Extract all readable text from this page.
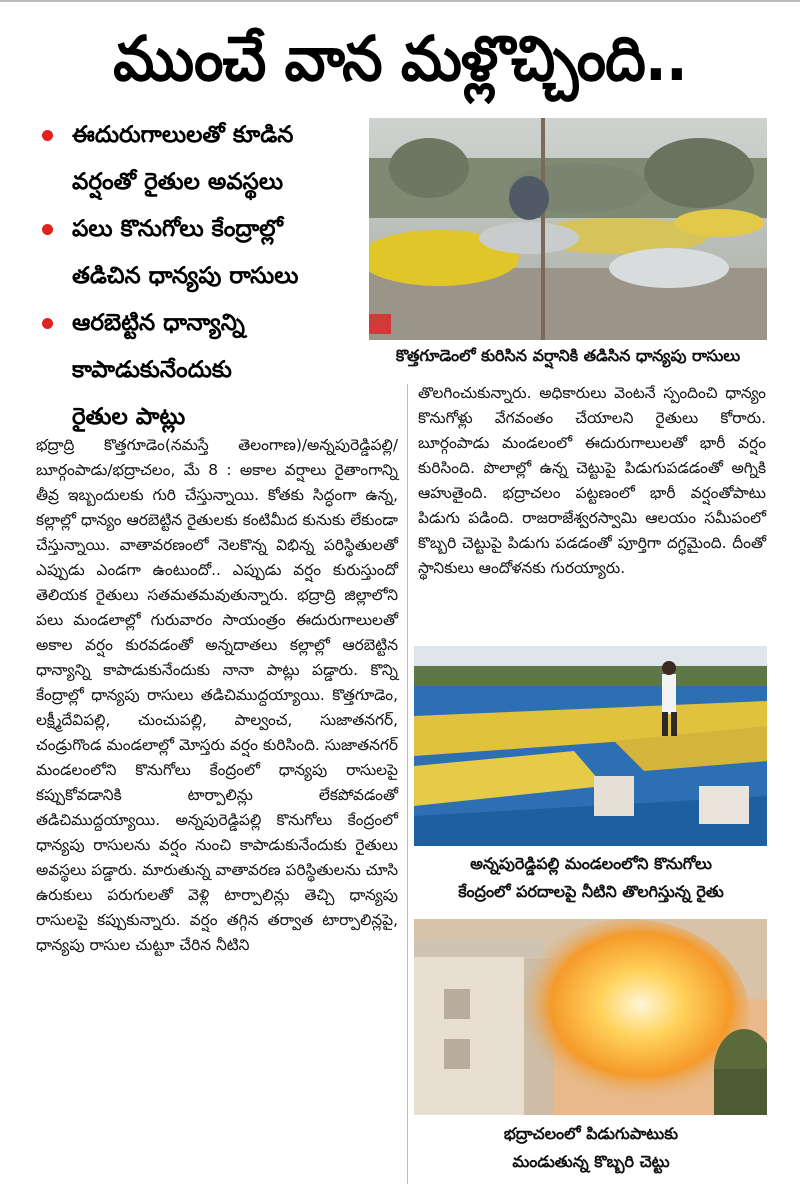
ముంచే వాన మళ్లొచ్చింది..
ఈదురుగాలులతో కూడిన
వర్షంతో రైతుల అవస్థలు
పలు కొనుగోలు కేంద్రాల్లో
తడిచిన ధాన్యపు రాసులు
ఆరబెట్టిన ధాన్యాన్ని
కాపాడుకునేందుకు
రైతుల పాట్లు
కొత్తగూడెంలో కురిసిన వర్షానికి తడిసిన ధాన్యపు రాసులు
భద్రాద్రి కొత్తగూడెం(నమస్తే తెలంగాణ)/అన్నపురెడ్డిపల్లి/ బూర్గంపాడు/భద్రాచలం, మే 8 : అకాల వర్షాలు రైతాంగాన్ని తీవ్ర ఇబ్బందులకు గురి చేస్తున్నాయి. కోతకు సిద్ధంగా ఉన్న, కల్లాల్లో ధాన్యం ఆరబెట్టిన రైతులకు కంటిమీద కునుకు లేకుండా చేస్తున్నాయి. వాతావరణంలో నెలకొన్న విభిన్న పరిస్థితులతో ఎప్పుడు ఎండగా ఉంటుందో.. ఎప్పుడు వర్షం కురుస్తుందో తెలియక రైతులు సతమతమవుతున్నారు. భద్రాద్రి జిల్లాలోని పలు మండలాల్లో గురువారం సాయంత్రం ఈదురుగాలులతో అకాల వర్షం కురవడంతో అన్నదాతలు కల్లాల్లో ఆరబెట్టిన ధాన్యాన్ని కాపాడుకునేందుకు నానా పాట్లు పడ్డారు. కొన్ని కేంద్రాల్లో ధాన్యపు రాసులు తడిచిముద్దయ్యాయి. కొత్తగూడెం, లక్ష్మీదేవిపల్లి, చుంచుపల్లి, పాల్వంచ, సుజాతనగర్, చండ్రుగొండ మండలాల్లో మోస్తరు వర్షం కురిసింది. సుజాతనగర్ మండలంలోని కొనుగోలు కేంద్రంలో ధాన్యపు రాసులపై కప్పుకోవడానికి టార్పాలిన్లు లేకపోవడంతో తడిచిముద్దయ్యాయి. అన్నపురెడ్డిపల్లి కొనుగోలు కేంద్రంలో ధాన్యపు రాసులను వర్షం నుంచి కాపాడుకునేందుకు రైతులు అవస్థలు పడ్డారు. మారుతున్న వాతావరణ పరిస్థితులను చూసి ఉరుకులు పరుగులతో వెళ్లి టార్పాలిన్లు తెచ్చి ధాన్యపు రాసులపై కప్పుకున్నారు. వర్షం తగ్గిన తర్వాత టార్పాలిన్లపై, ధాన్యపు రాసుల చుట్టూ చేరిన నీటిని
తొలగించుకున్నారు. అధికారులు వెంటనే స్పందించి ధాన్యం కొనుగోళ్లు వేగవంతం చేయాలని రైతులు కోరారు. బూర్గంపాడు మండలంలో ఈదురుగాలులతో భారీ వర్షం కురిసింది. పొలాల్లో ఉన్న చెట్టుపై పిడుగుపడడంతో అగ్నికి ఆహుతైంది. భద్రాచలం పట్టణంలో భారీ వర్షంతోపాటు పిడుగు పడింది. రాజరాజేశ్వరస్వామి ఆలయం సమీపంలో కొబ్బరి చెట్టుపై పిడుగు పడడంతో పూర్తిగా దగ్ధమైంది. దీంతో స్థానికులు ఆందోళనకు గురయ్యారు.
అన్నపురెడ్డిపల్లి మండలంలోని కొనుగోలు
కేంద్రంలో పరదాలపై నీటిని తొలగిస్తున్న రైతు
భద్రాచలంలో పిడుగుపాటుకు
మండుతున్న కొబ్బరి చెట్టు
